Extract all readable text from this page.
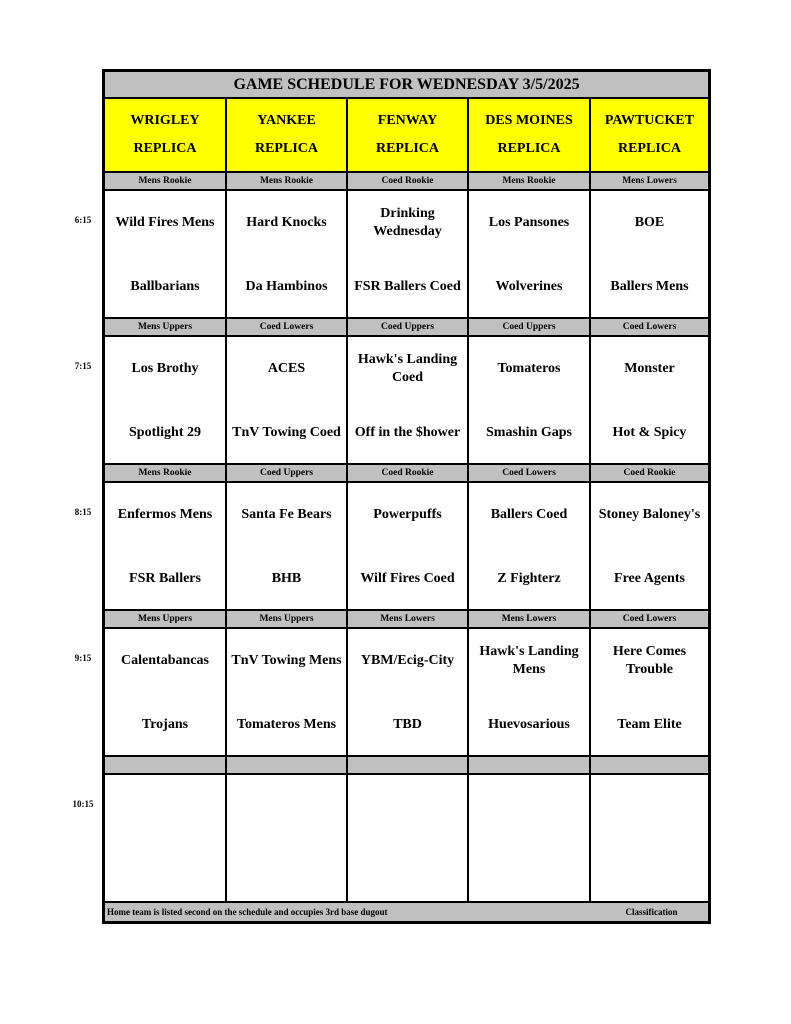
GAME SCHEDULE FOR WEDNESDAY 3/5/2025
WRIGLEY
REPLICA
YANKEE
REPLICA
FENWAY
REPLICA
DES MOINES
REPLICA
PAWTUCKET
REPLICA
Mens Rookie
Wild Fires Mens
Ballbarians
Mens Rookie
Hard Knocks
Da Hambinos
Coed Rookie
Drinking Wednesday
FSR Ballers Coed
Mens Rookie
Los Pansones
Wolverines
Mens Lowers
BOE
Ballers Mens
Mens Uppers
Los Brothy
Spotlight 29
Coed Lowers
ACES
TnV Towing Coed
Coed Uppers
Hawk's Landing Coed
Off in the $hower
Coed Uppers
Tomateros
Smashin Gaps
Coed Lowers
Monster
Hot & Spicy
Mens Rookie
Enfermos Mens
FSR Ballers
Coed Uppers
Santa Fe Bears
BHB
Coed Rookie
Powerpuffs
Wilf Fires Coed
Coed Lowers
Ballers Coed
Z Fighterz
Coed Rookie
Stoney Baloney's
Free Agents
Mens Uppers
Calentabancas
Trojans
Mens Uppers
TnV Towing Mens
Tomateros Mens
Mens Lowers
YBM/Ecig-City
TBD
Mens Lowers
Hawk's Landing Mens
Huevosarious
Coed Lowers
Here Comes Trouble
Team Elite
Home team is listed second on the schedule and occupies 3rd base dugout	Classification
6:15
7:15
8:15
9:15
10:15
